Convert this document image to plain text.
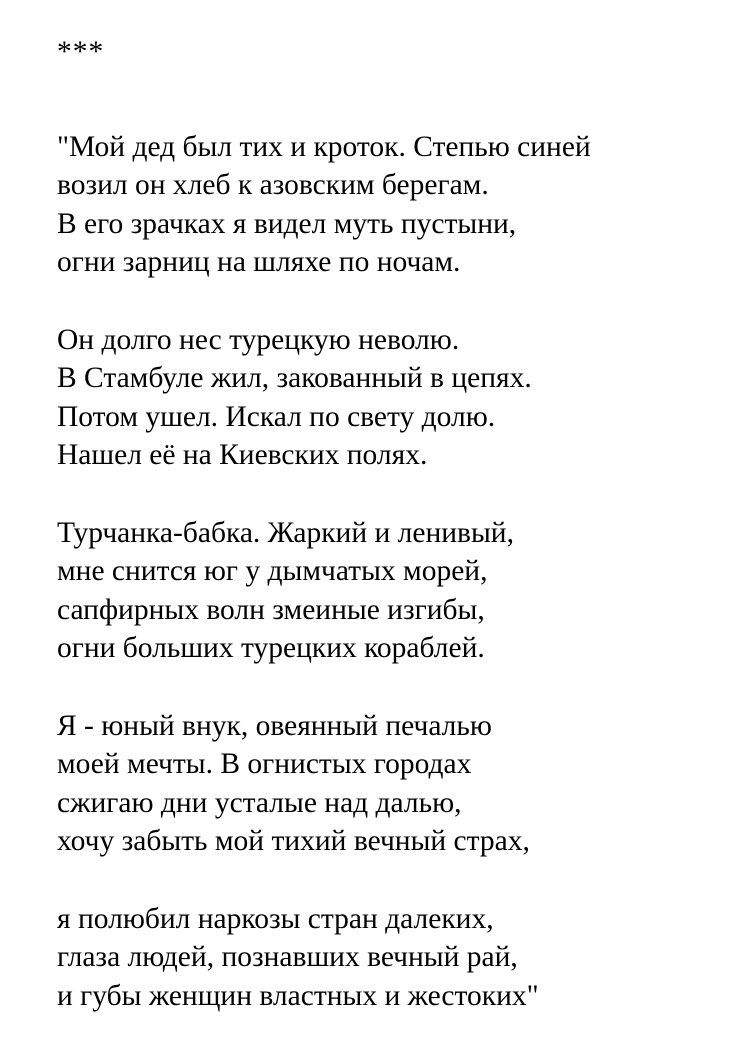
***
"Мой дед был тих и кроток. Степью синей
возил он хлеб к азовским берегам.
В его зрачках я видел муть пустыни,
огни зарниц на шляхе по ночам.
Он долго нес турецкую неволю.
В Стамбуле жил, закованный в цепях.
Потом ушел. Искал по свету долю.
Нашел её на Киевских полях.
Турчанка-бабка. Жаркий и ленивый,
мне снится юг у дымчатых морей,
сапфирных волн змеиные изгибы,
огни больших турецких кораблей.
Я - юный внук, овеянный печалью
моей мечты. В огнистых городах
сжигаю дни усталые над далью,
хочу забыть мой тихий вечный страх,
я полюбил наркозы стран далеких,
глаза людей, познавших вечный рай,
и губы женщин властных и жестоких"
